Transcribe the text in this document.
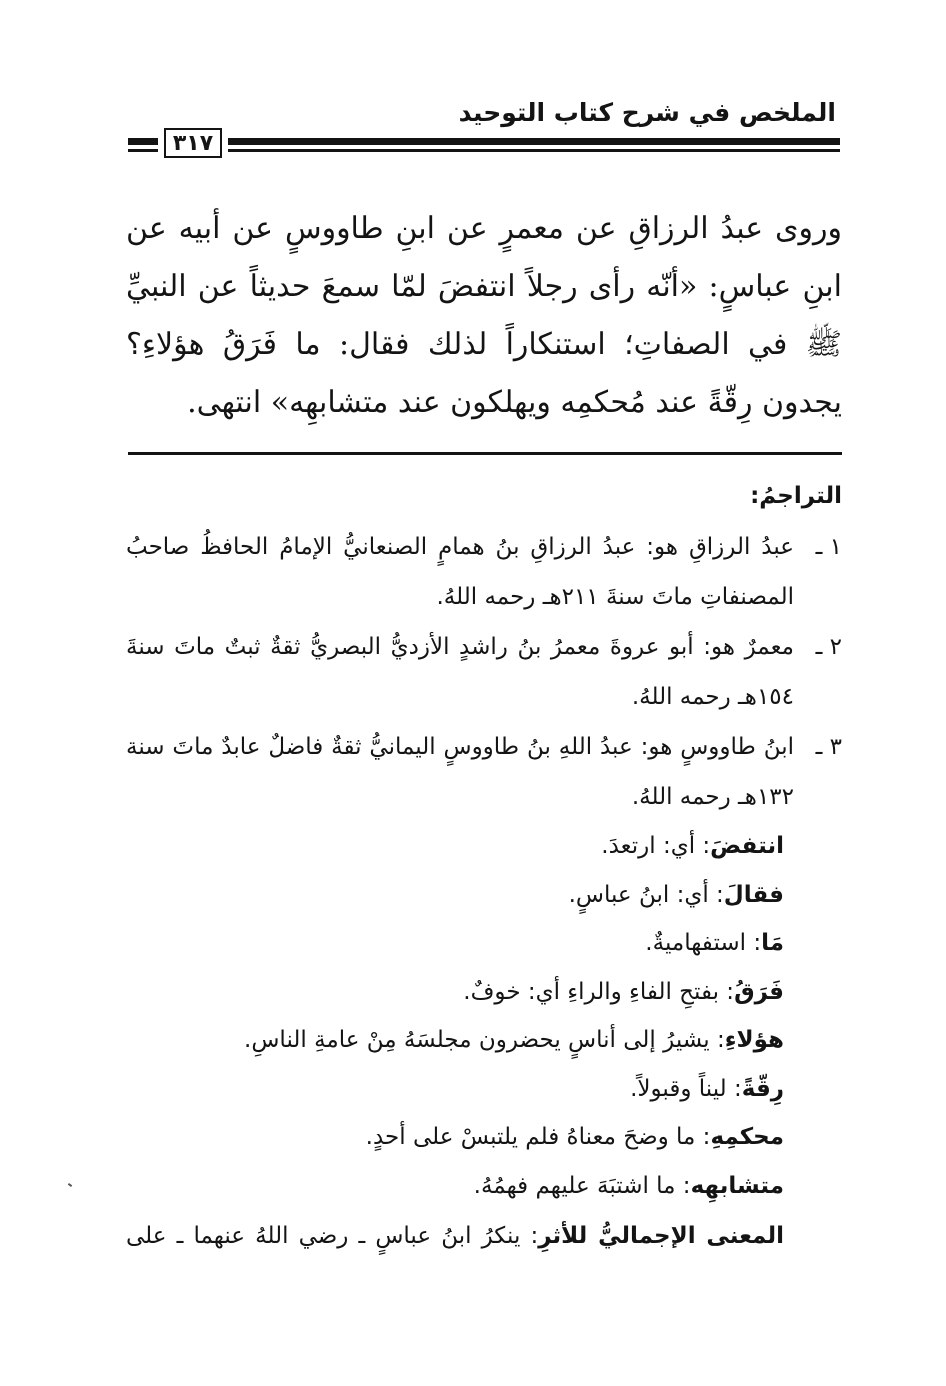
الملخص في شرح كتاب التوحيد
٣١٧
وروى عبدُ الرزاقِ عن معمرٍ عن ابنِ طاووسٍ عن أبيه عن ابنِ عباسٍ: «أنّه رأى رجلاً انتفضَ لمّا سمعَ حديثاً عن النبيِّ ﷺ في الصفاتِ؛ استنكاراً لذلك فقال: ما فَرَقُ هؤلاءِ؟ يجدون رِقّةً عند مُحكمِه ويهلكون عند متشابهِه» انتهى.
التراجمُ:
١ ـ
عبدُ الرزاقِ هو: عبدُ الرزاقِ بنُ همامٍ الصنعانيُّ الإمامُ الحافظُ صاحبُ المصنفاتِ ماتَ سنةَ ٢١١هـ رحمه اللهُ.
٢ ـ
معمرٌ هو: أبو عروةَ معمرُ بنُ راشدٍ الأزديُّ البصريُّ ثقةٌ ثبتٌ ماتَ سنةَ ١٥٤هـ رحمه اللهُ.
٣ ـ
ابنُ طاووسٍ هو: عبدُ اللهِ بنُ طاووسٍ اليمانيُّ ثقةٌ فاضلٌ عابدٌ ماتَ سنة ١٣٢هـ رحمه اللهُ.
انتفضَ: أي: ارتعدَ.
فقالَ: أي: ابنُ عباسٍ.
مَا: استفهاميةٌ.
فَرَقُ: بفتحِ الفاءِ والراءِ أي: خوفٌ.
هؤلاءِ: يشيرُ إلى أناسٍ يحضرون مجلسَهُ مِنْ عامةِ الناسِ.
رِقّةً: ليناً وقبولاً.
محكمِهِ: ما وضحَ معناهُ فلم يلتبسْ على أحدٍ.
متشابهِه: ما اشتبَهَ عليهم فهمُهُ.
المعنى الإجماليُّ للأثرِ: ينكرُ ابنُ عباسٍ ـ رضي اللهُ عنهما ـ على
